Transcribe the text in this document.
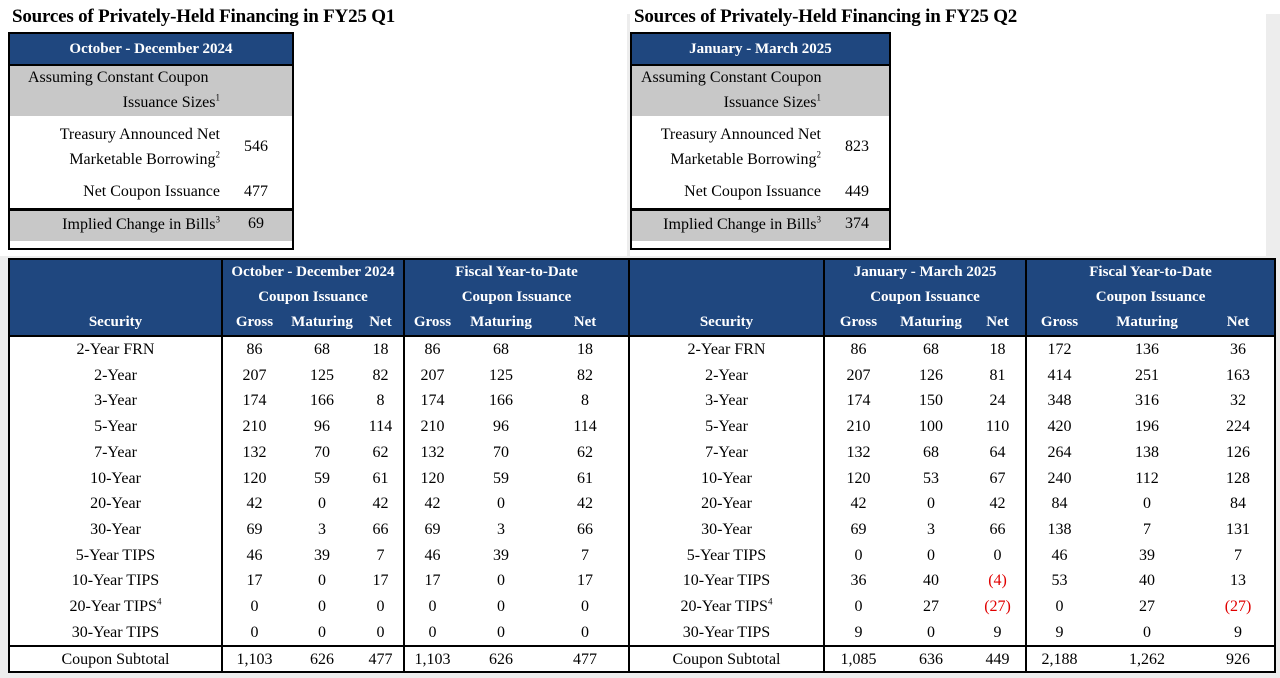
Sources of Privately-Held Financing in FY25 Q1	Sources of Privately-Held Financing in FY25 Q2
October - December 2024
Assuming Constant Coupon
Issuance Sizes$^1$
Treasury Announced Net
Marketable Borrowing$^2$	546
Net Coupon Issuance	477
Implied Change in Bills$^3$	69
January - March 2025
Assuming Constant Coupon
Issuance Sizes$^1$
Treasury Announced Net
Marketable Borrowing$^2$	823
Net Coupon Issuance	449
Implied Change in Bills$^3$	374
	October - December 2024			Fiscal Year-to-Date		
	Coupon Issuance			Coupon Issuance		
Security	Gross	Maturing	Net	Gross	Maturing	Net
2-Year FRN	86	68	18	86	68	18
2-Year	207	125	82	207	125	82
3-Year	174	166	8	174	166	8
5-Year	210	96	114	210	96	114
7-Year	132	70	62	132	70	62
10-Year	120	59	61	120	59	61
20-Year	42	0	42	42	0	42
30-Year	69	3	66	69	3	66
5-Year TIPS	46	39	7	46	39	7
10-Year TIPS	17	0	17	17	0	17
20-Year TIPS$^4$	0	0	0	0	0	0
30-Year TIPS	0	0	0	0	0	0
Coupon Subtotal	1,103	626	477	1,103	626	477
	January - March 2025			Fiscal Year-to-Date		
	Coupon Issuance			Coupon Issuance		
Security	Gross	Maturing	Net	Gross	Maturing	Net
2-Year FRN	86	68	18	172	136	36
2-Year	207	126	81	414	251	163
3-Year	174	150	24	348	316	32
5-Year	210	100	110	420	196	224
7-Year	132	68	64	264	138	126
10-Year	120	53	67	240	112	128
20-Year	42	0	42	84	0	84
30-Year	69	3	66	138	7	131
5-Year TIPS	0	0	0	46	39	7
10-Year TIPS	36	40	(4)	53	40	13
20-Year TIPS$^4$	0	27	(27)	0	27	(27)
30-Year TIPS	9	0	9	9	0	9
Coupon Subtotal	1,085	636	449	2,188	1,262	926
